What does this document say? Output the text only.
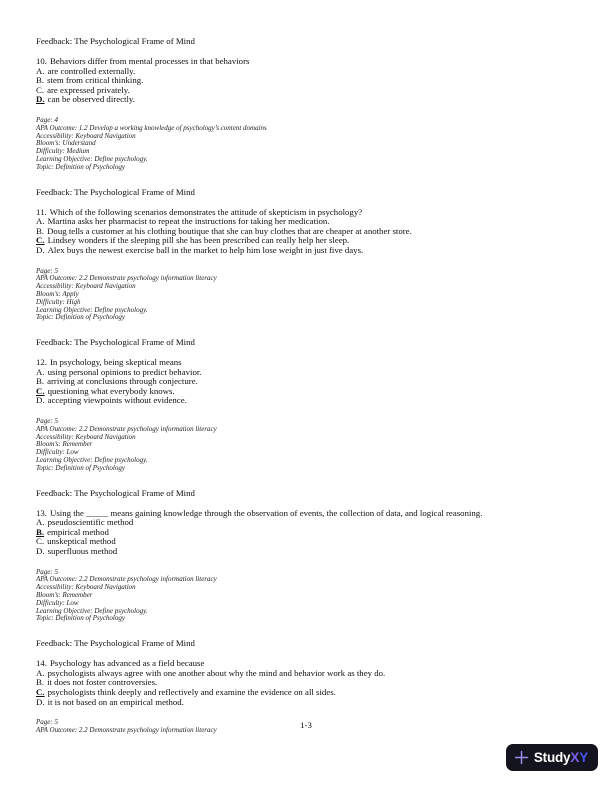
Feedback: The Psychological Frame of Mind

10. Behaviors differ from mental processes in that behaviors

A. are controlled externally.

B. stem from critical thinking.

C. are expressed privately.

D. can be observed directly.

Page: 4

APA Outcome: 1.2 Develop a working knowledge of psychology’s content domains

Accessibility: Keyboard Navigation

Bloom’s: Understand

Difficulty: Medium

Learning Objective: Define psychology.

Topic: Definition of Psychology

Feedback: The Psychological Frame of Mind

11. Which of the following scenarios demonstrates the attitude of skepticism in psychology?

A. Martina asks her pharmacist to repeat the instructions for taking her medication.

B. Doug tells a customer at his clothing boutique that she can buy clothes that are cheaper at another store.

C. Lindsey wonders if the sleeping pill she has been prescribed can really help her sleep.

D. Alex buys the newest exercise ball in the market to help him lose weight in just five days.

Page: 5

APA Outcome: 2.2 Demonstrate psychology information literacy

Accessibility: Keyboard Navigation

Bloom’s: Apply

Difficulty: High

Learning Objective: Define psychology.

Topic: Definition of Psychology

Feedback: The Psychological Frame of Mind

12. In psychology, being skeptical means

A. using personal opinions to predict behavior.

B. arriving at conclusions through conjecture.

C. questioning what everybody knows.

D. accepting viewpoints without evidence.

Page: 5

APA Outcome: 2.2 Demonstrate psychology information literacy

Accessibility: Keyboard Navigation

Bloom’s: Remember

Difficulty: Low

Learning Objective: Define psychology.

Topic: Definition of Psychology

Feedback: The Psychological Frame of Mind

13. Using the _____ means gaining knowledge through the observation of events, the collection of data, and logical reasoning.

A. pseudoscientific method

B. empirical method

C. unskeptical method

D. superfluous method

Page: 5

APA Outcome: 2.2 Demonstrate psychology information literacy

Accessibility: Keyboard Navigation

Bloom’s: Remember

Difficulty: Low

Learning Objective: Define psychology.

Topic: Definition of Psychology

Feedback: The Psychological Frame of Mind

14. Psychology has advanced as a field because

A. psychologists always agree with one another about why the mind and behavior work as they do.

B. it does not foster controversies.

C. psychologists think deeply and reflectively and examine the evidence on all sides.

D. it is not based on an empirical method.

Page: 5

APA Outcome: 2.2 Demonstrate psychology information literacy	1-3
StudyXY
